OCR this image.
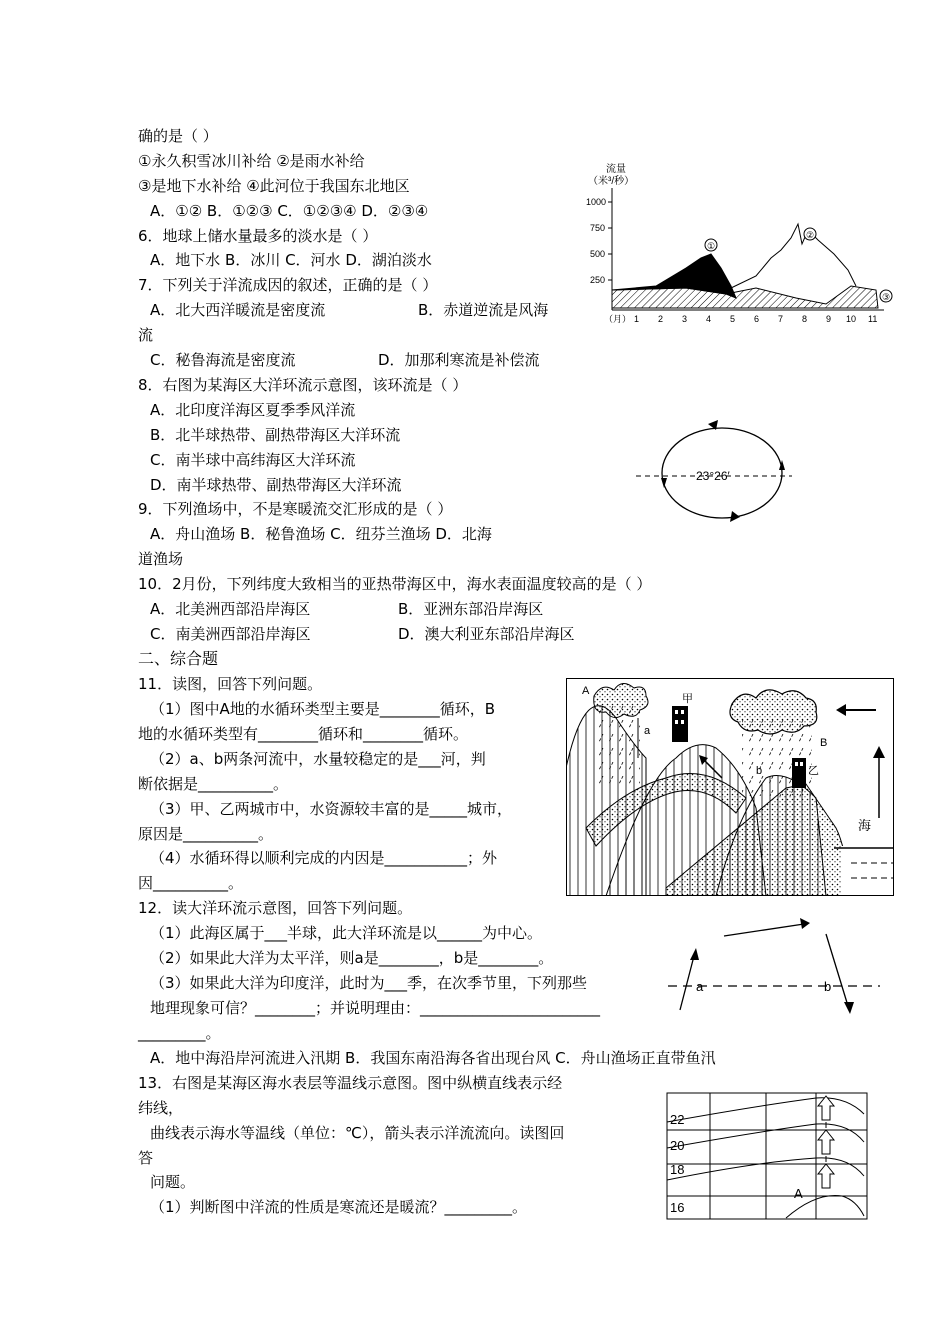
确的是（ ）
①永久积雪冰川补给 ②是雨水补给
③是地下水补给 ④此河位于我国东北地区
A．①② B．①②③ C．①②③④ D．②③④
6．地球上储水量最多的淡水是（ ）
A．地下水 B．冰川 C．河水 D．湖泊淡水
7．下列关于洋流成因的叙述，正确的是（ ）
A．北大西洋暖流是密度流	B．赤道逆流是风海
流
C．秘鲁海流是密度流	D．加那利寒流是补偿流
8．右图为某海区大洋环流示意图，该环流是（ ）
A．北印度洋海区夏季季风洋流
B．北半球热带、副热带海区大洋环流
C．南半球中高纬海区大洋环流
D．南半球热带、副热带海区大洋环流
9．下列渔场中，不是寒暖流交汇形成的是（ ）
A．舟山渔场 B．秘鲁渔场 C．纽芬兰渔场 D．北海
道渔场
10．2月份，下列纬度大致相当的亚热带海区中，海水表面温度较高的是（ ）
A．北美洲西部沿岸海区	B．亚洲东部沿岸海区
C．南美洲西部沿岸海区	D．澳大利亚东部沿岸海区
二、综合题
11．读图，回答下列问题。
（1）图中A地的水循环类型主要是________循环，B
地的水循环类型有________循环和________循环。
（2）a、b两条河流中，水量较稳定的是___河，判
断依据是__________。
（3）甲、乙两城市中，水资源较丰富的是_____城市，
原因是__________。
（4）水循环得以顺利完成的内因是___________；外
因__________。
12．读大洋环流示意图，回答下列问题。
（1）此海区属于___半球，此大洋环流是以______为中心。
（2）如果此大洋为太平洋，则a是________，b是________。
（3）如果此大洋为印度洋，此时为___季，在次季节里，下列那些
地理现象可信？________；并说明理由：________________________
_________。
A．地中海沿岸河流进入汛期 B．我国东南沿海各省出现台风 C．舟山渔场正直带鱼汛
13．右图是某海区海水表层等温线示意图。图中纵横直线表示经
纬线，
曲线表示海水等温线（单位：℃），箭头表示洋流流向。读图回
答
问题。
（1）判断图中洋流的性质是寒流还是暖流？_________。
流量
（米³/秒）
1000
750
500
250
①
②
③
（月） 1 2 3 4 5 6 7 8 9 10 11
23°26′
A
B
a
b
甲
乙
海
a	b
22
20
18
16
A
